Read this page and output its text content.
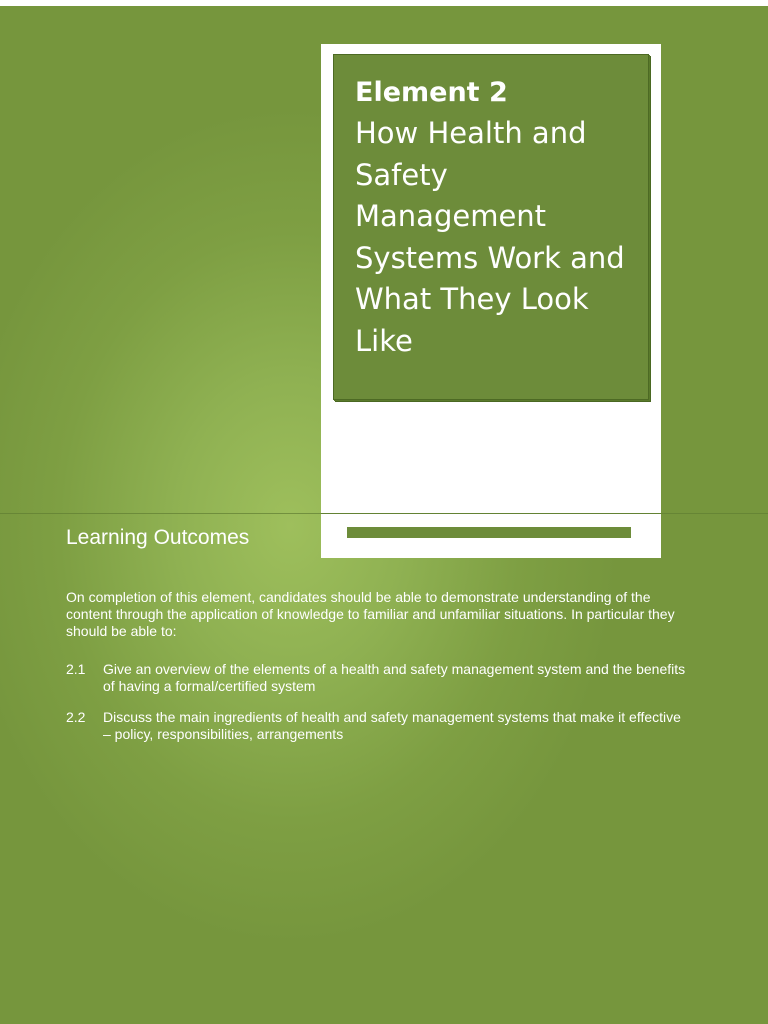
Element 2
How Health and Safety Management Systems Work and What They Look Like
Learning Outcomes

On completion of this element, candidates should be able to demonstrate understanding of the content through the application of knowledge to familiar and unfamiliar situations. In particular they should be able to:

2.1	Give an overview of the elements of a health and safety management system and the benefits of having a formal/certified system
2.2	Discuss the main ingredients of health and safety management systems that make it effective – policy, responsibilities, arrangements
